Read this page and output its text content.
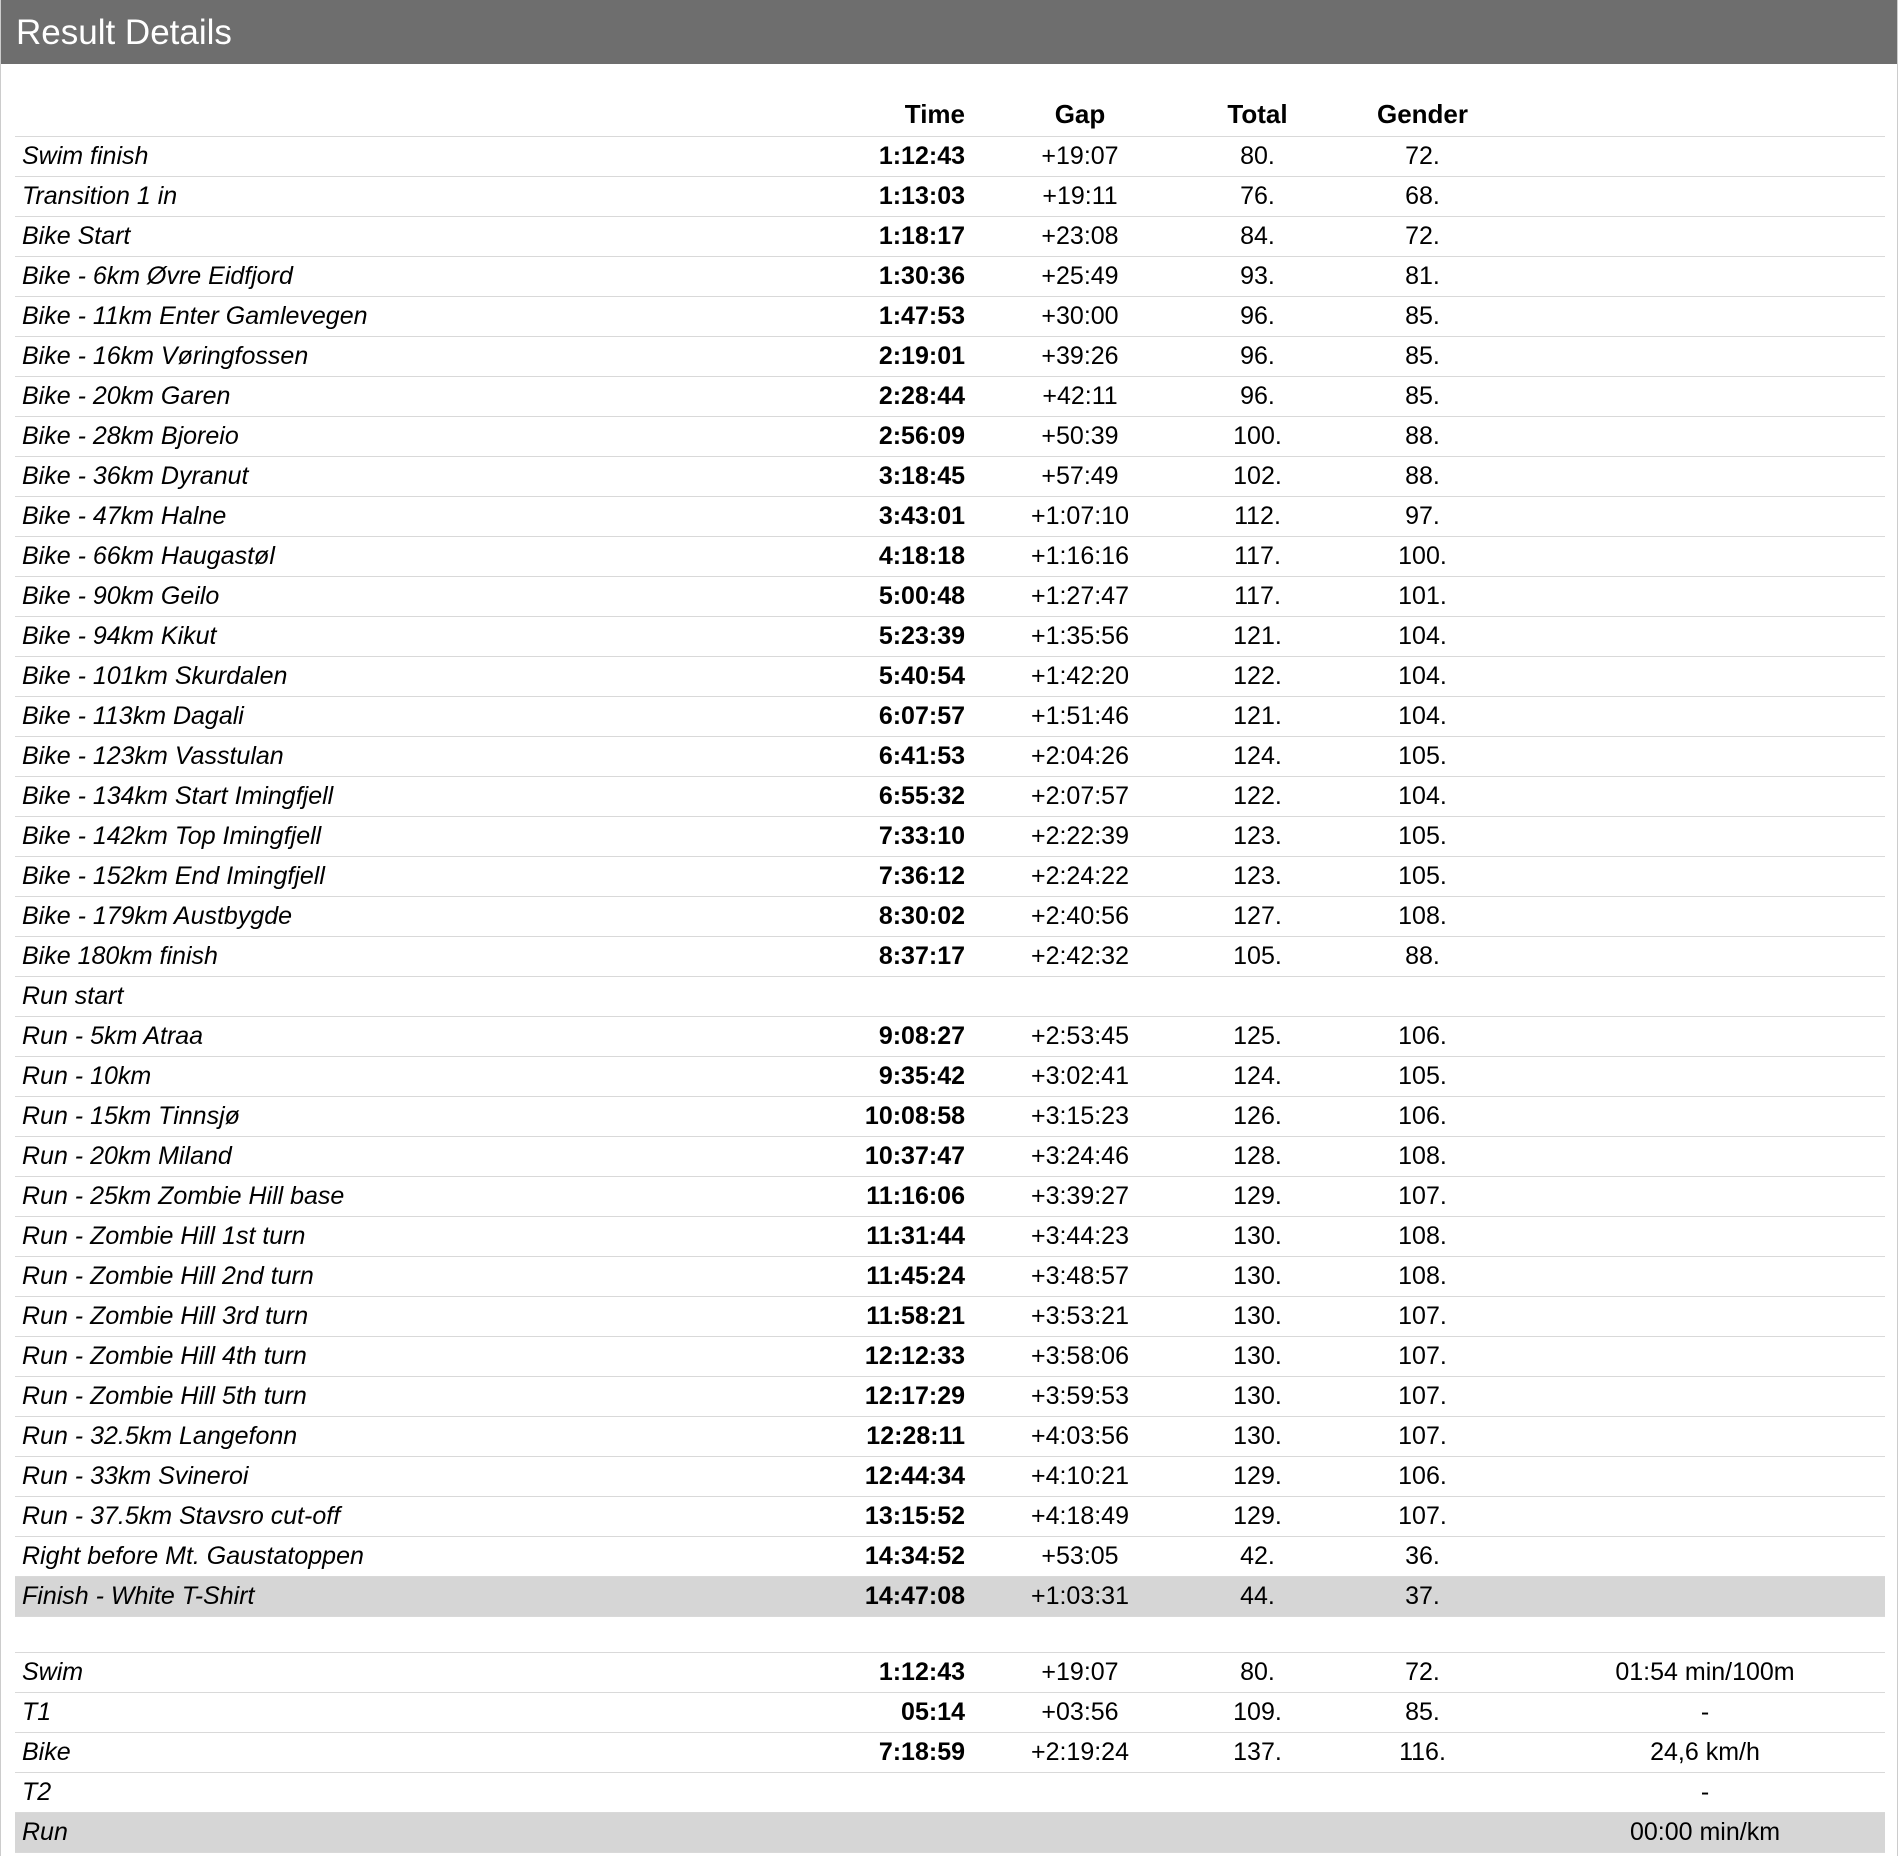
Result Details
	Time	Gap	Total	Gender	
Swim finish	1:12:43	+19:07	80.	72.	
Transition 1 in	1:13:03	+19:11	76.	68.	
Bike Start	1:18:17	+23:08	84.	72.	
Bike - 6km Øvre Eidfjord	1:30:36	+25:49	93.	81.	
Bike - 11km Enter Gamlevegen	1:47:53	+30:00	96.	85.	
Bike - 16km Vøringfossen	2:19:01	+39:26	96.	85.	
Bike - 20km Garen	2:28:44	+42:11	96.	85.	
Bike - 28km Bjoreio	2:56:09	+50:39	100.	88.	
Bike - 36km Dyranut	3:18:45	+57:49	102.	88.	
Bike - 47km Halne	3:43:01	+1:07:10	112.	97.	
Bike - 66km Haugastøl	4:18:18	+1:16:16	117.	100.	
Bike - 90km Geilo	5:00:48	+1:27:47	117.	101.	
Bike - 94km Kikut	5:23:39	+1:35:56	121.	104.	
Bike - 101km Skurdalen	5:40:54	+1:42:20	122.	104.	
Bike - 113km Dagali	6:07:57	+1:51:46	121.	104.	
Bike - 123km Vasstulan	6:41:53	+2:04:26	124.	105.	
Bike - 134km Start Imingfjell	6:55:32	+2:07:57	122.	104.	
Bike - 142km Top Imingfjell	7:33:10	+2:22:39	123.	105.	
Bike - 152km End Imingfjell	7:36:12	+2:24:22	123.	105.	
Bike - 179km Austbygde	8:30:02	+2:40:56	127.	108.	
Bike 180km finish	8:37:17	+2:42:32	105.	88.	
Run start					
Run - 5km Atraa	9:08:27	+2:53:45	125.	106.	
Run - 10km	9:35:42	+3:02:41	124.	105.	
Run - 15km Tinnsjø	10:08:58	+3:15:23	126.	106.	
Run - 20km Miland	10:37:47	+3:24:46	128.	108.	
Run - 25km Zombie Hill base	11:16:06	+3:39:27	129.	107.	
Run - Zombie Hill 1st turn	11:31:44	+3:44:23	130.	108.	
Run - Zombie Hill 2nd turn	11:45:24	+3:48:57	130.	108.	
Run - Zombie Hill 3rd turn	11:58:21	+3:53:21	130.	107.	
Run - Zombie Hill 4th turn	12:12:33	+3:58:06	130.	107.	
Run - Zombie Hill 5th turn	12:17:29	+3:59:53	130.	107.	
Run - 32.5km Langefonn	12:28:11	+4:03:56	130.	107.	
Run - 33km Svineroi	12:44:34	+4:10:21	129.	106.	
Run - 37.5km Stavsro cut-off	13:15:52	+4:18:49	129.	107.	
Right before Mt. Gaustatoppen	14:34:52	+53:05	42.	36.	
Finish - White T-Shirt	14:47:08	+1:03:31	44.	37.	
Swim	1:12:43	+19:07	80.	72.	01:54 min/100m
T1	05:14	+03:56	109.	85.	-
Bike	7:18:59	+2:19:24	137.	116.	24,6 km/h
T2					-
Run					00:00 min/km
